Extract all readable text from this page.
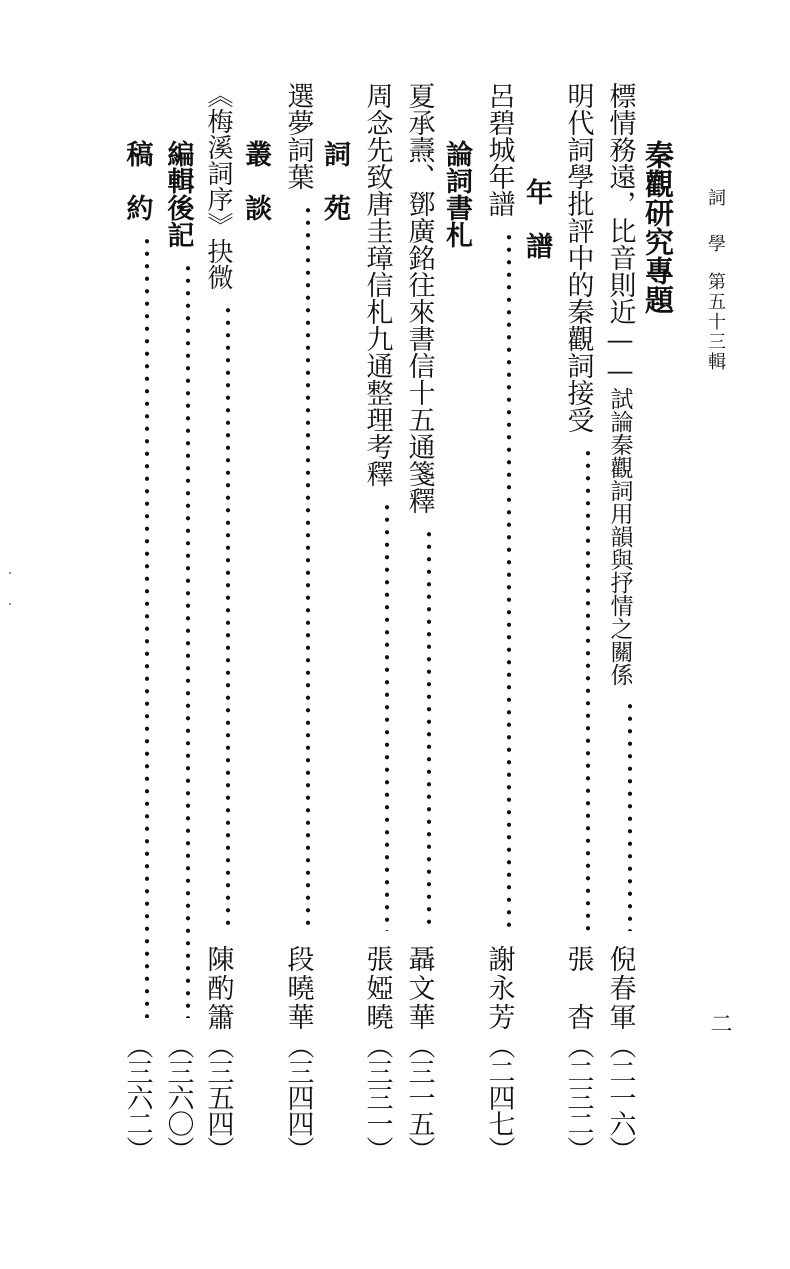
詞　學
第五十三輯
二
秦觀研究專題
標情務遠，比音則近——試論秦觀詞用韻與抒情之關係
倪春軍
（二一六）
明代詞學批評中的秦觀詞接受
張　杳
（二三二）
年　譜
呂碧城年譜
謝永芳
（二四七）
論詞書札
夏承燾、鄧廣銘往來書信十五通箋釋
聶文華
（三一五）
周念先致唐圭璋信札九通整理考釋
張婭曉
（三三一）
詞　苑
選夢詞葉
段曉華
（三四四）
叢　談
《梅溪詞序》抉微
陳酌簫
（三五四）
編輯後記
（三六〇）
稿　約
（三六二）
